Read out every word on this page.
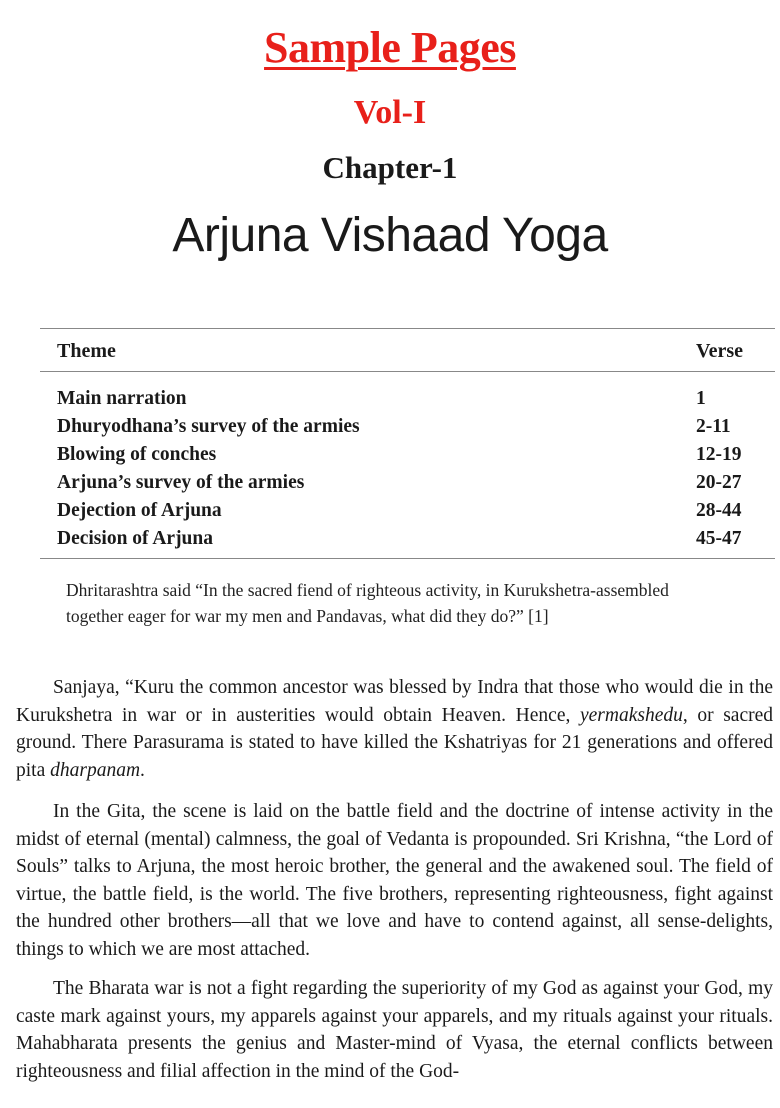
Sample Pages
Vol-I
Chapter-1
Arjuna Vishaad Yoga
Theme	Verse
Main narration	1
Dhuryodhana’s survey of the armies	2-11
Blowing of conches	12-19
Arjuna’s survey of the armies	20-27
Dejection of Arjuna	28-44
Decision of Arjuna	45-47
Dhritarashtra said “In the sacred fiend of righteous activity, in Kurukshetra-assembled together eager for war my men and Pandavas, what did they do?” [1]
Sanjaya, “Kuru the common ancestor was blessed by Indra that those who would die in the Kurukshetra in war or in austerities would obtain Heaven. Hence, yermakshedu, or sacred ground. There Parasurama is stated to have killed the Kshatriyas for 21 generations and offered pita dharpanam.
In the Gita, the scene is laid on the battle field and the doctrine of intense activity in the midst of eternal (mental) calmness, the goal of Vedanta is propounded. Sri Krishna, “the Lord of Souls” talks to Arjuna, the most heroic brother, the general and the awakened soul. The field of virtue, the battle field, is the world. The five brothers, representing righteousness, fight against the hundred other brothers—all that we love and have to contend against, all sense-delights, things to which we are most attached.
The Bharata war is not a fight regarding the superiority of my God as against your God, my caste mark against yours, my apparels against your apparels, and my rituals against your rituals. Mahabharata presents the genius and Master-mind of Vyasa, the eternal conflicts between righteousness and filial affection in the mind of the God-
